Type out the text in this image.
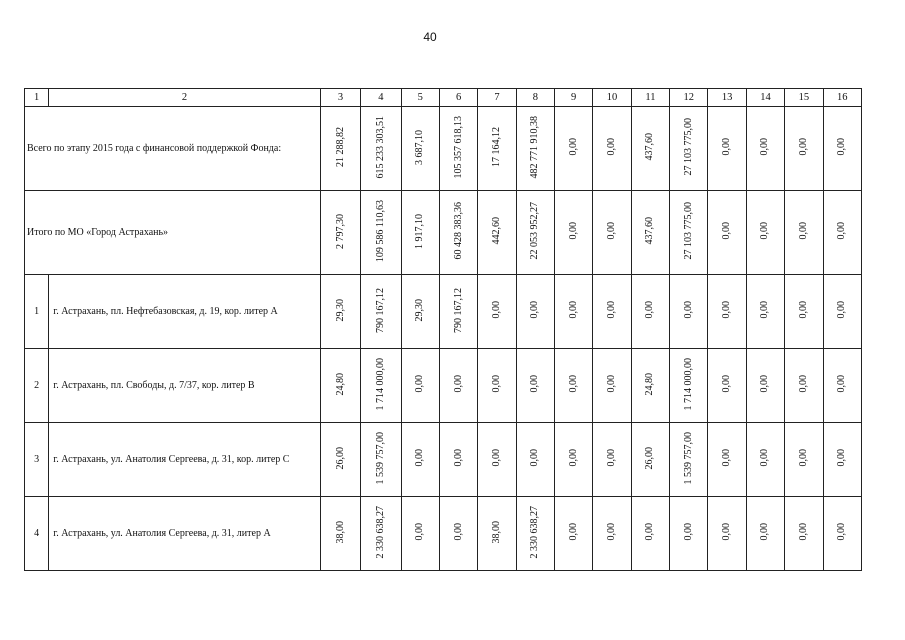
40
1	2	3	4	5	6	7	8	9	10	11	12	13	14	15	16
Всего по этапу 2015 года с финансовой поддержкой Фонда:		21 288,82	615 233 303,51	3 687,10	105 357 618,13	17 164,12	482 771 910,38	0,00	0,00	437,60	27 103 775,00	0,00	0,00	0,00	0,00
Итого по МО «Город Астрахань»		2 797,30	109 586 110,63	1 917,10	60 428 383,36	442,60	22 053 952,27	0,00	0,00	437,60	27 103 775,00	0,00	0,00	0,00	0,00
1	г. Астрахань, пл. Нефтебазовская, д. 19, кор. литер А	29,30	790 167,12	29,30	790 167,12	0,00	0,00	0,00	0,00	0,00	0,00	0,00	0,00	0,00	0,00
2	г. Астрахань, пл. Свободы, д. 7/37, кор. литер В	24,80	1 714 000,00	0,00	0,00	0,00	0,00	0,00	0,00	24,80	1 714 000,00	0,00	0,00	0,00	0,00
3	г. Астрахань, ул. Анатолия Сергеева, д. 31, кор. литер С	26,00	1 539 757,00	0,00	0,00	0,00	0,00	0,00	0,00	26,00	1 539 757,00	0,00	0,00	0,00	0,00
4	г. Астрахань, ул. Анатолия Сергеева, д. 31, литер А	38,00	2 330 638,27	0,00	0,00	38,00	2 330 638,27	0,00	0,00	0,00	0,00	0,00	0,00	0,00	0,00
